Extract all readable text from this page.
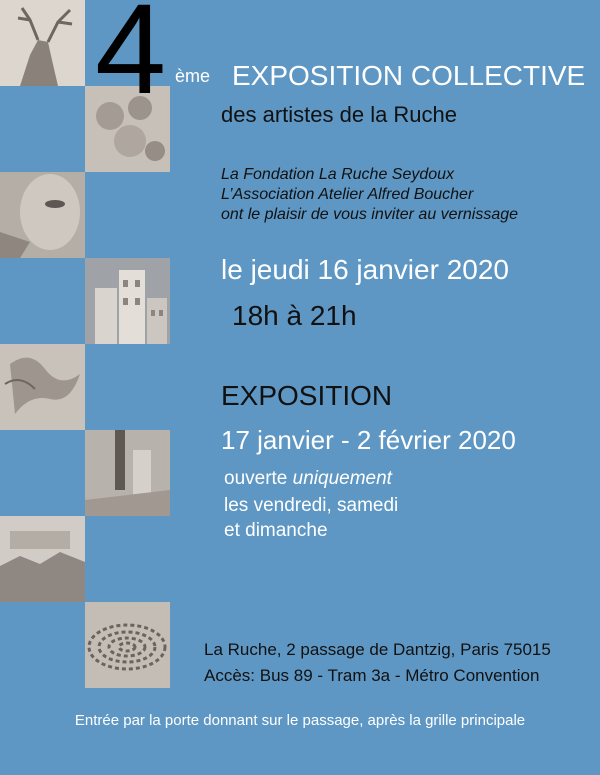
4 ème EXPOSITION COLLECTIVE
des artistes de la Ruche
La Fondation La Ruche Seydoux
L’Association Atelier Alfred Boucher
ont le plaisir de vous inviter au vernissage
le jeudi 16 janvier 2020
18h à 21h
EXPOSITION
17 janvier - 2 février 2020
ouverte uniquement
les vendredi, samedi
et dimanche
La Ruche, 2 passage de Dantzig, Paris 75015
Accès: Bus 89 - Tram 3a - Métro Convention
Entrée par la porte donnant sur le passage, après la grille principale
